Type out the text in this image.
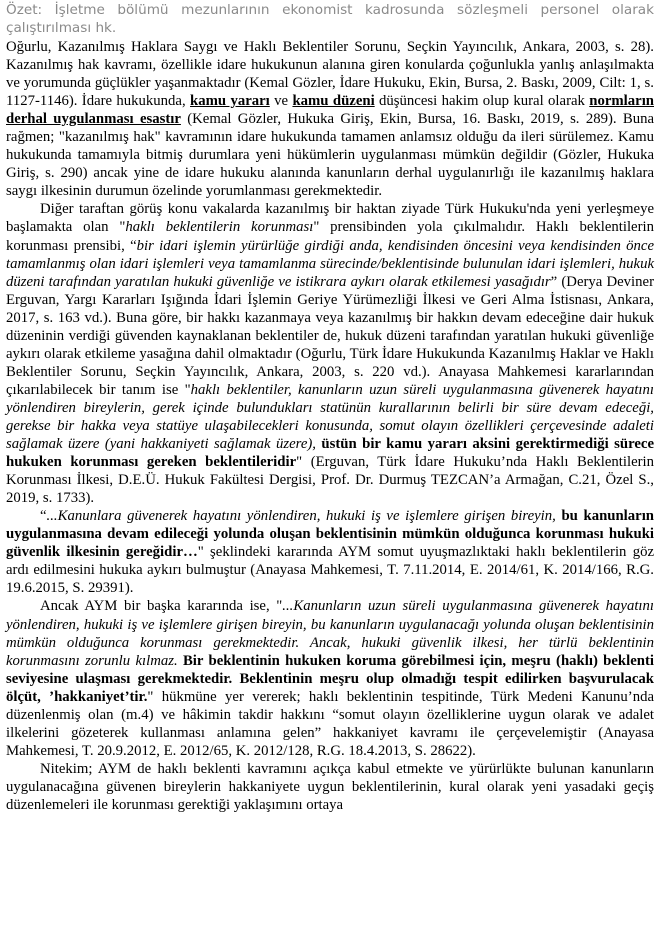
Özet: İşletme bölümü mezunlarının ekonomist kadrosunda sözleşmeli personel olarak çalıştırılması hk.

Oğurlu, Kazanılmış Haklara Saygı ve Haklı Beklentiler Sorunu, Seçkin Yayıncılık, Ankara, 2003, s. 28). Kazanılmış hak kavramı, özellikle idare hukukunun alanına giren konularda çoğunlukla yanlış anlaşılmakta ve yorumunda güçlükler yaşanmaktadır (Kemal Gözler, İdare Hukuku, Ekin, Bursa, 2. Baskı, 2009, Cilt: 1, s. 1127-1146). İdare hukukunda, kamu yararı ve kamu düzeni düşüncesi hakim olup kural olarak normların derhal uygulanması esastır (Kemal Gözler, Hukuka Giriş, Ekin, Bursa, 16. Baskı, 2019, s. 289). Buna rağmen; "kazanılmış hak" kavramının idare hukukunda tamamen anlamsız olduğu da ileri sürülemez. Kamu hukukunda tamamıyla bitmiş durumlara yeni hükümlerin uygulanması mümkün değildir (Gözler, Hukuka Giriş, s. 290) ancak yine de idare hukuku alanında kanunların derhal uygulanırlığı ile kazanılmış haklara saygı ilkesinin durumun özelinde yorumlanması gerekmektedir.

Diğer taraftan görüş konu vakalarda kazanılmış bir haktan ziyade Türk Hukuku'nda yeni yerleşmeye başlamakta olan "haklı beklentilerin korunması" prensibinden yola çıkılmalıdır. Haklı beklentilerin korunması prensibi, “bir idari işlemin yürürlüğe girdiği anda, kendisinden öncesini veya kendisinden önce tamamlanmış olan idari işlemleri veya tamamlanma sürecinde/beklentisinde bulunulan idari işlemleri, hukuk düzeni tarafından yaratılan hukuki güvenliğe ve istikrara aykırı olarak etkilemesi yasağıdır” (Derya Deviner Erguvan, Yargı Kararları Işığında İdari İşlemin Geriye Yürümezliği İlkesi ve Geri Alma İstisnası, Ankara, 2017, s. 163 vd.). Buna göre, bir hakkı kazanmaya veya kazanılmış bir hakkın devam edeceğine dair hukuk düzeninin verdiği güvenden kaynaklanan beklentiler de, hukuk düzeni tarafından yaratılan hukuki güvenliğe aykırı olarak etkileme yasağına dahil olmaktadır (Oğurlu, Türk İdare Hukukunda Kazanılmış Haklar ve Haklı Beklentiler Sorunu, Seçkin Yayıncılık, Ankara, 2003, s. 220 vd.). Anayasa Mahkemesi kararlarından çıkarılabilecek bir tanım ise "haklı beklentiler, kanunların uzun süreli uygulanmasına güvenerek hayatını yönlendiren bireylerin, gerek içinde bulundukları statünün kurallarının belirli bir süre devam edeceği, gerekse bir hakka veya statüye ulaşabilecekleri konusunda, somut olayın özellikleri çerçevesinde adaleti sağlamak üzere (yani hakkaniyeti sağlamak üzere), üstün bir kamu yararı aksini gerektirmediği sürece hukuken korunması gereken beklentileridir" (Erguvan, Türk İdare Hukuku’nda Haklı Beklentilerin Korunması İlkesi, D.E.Ü. Hukuk Fakültesi Dergisi, Prof. Dr. Durmuş TEZCAN’a Armağan, C.21, Özel S., 2019, s. 1733).

“...Kanunlara güvenerek hayatını yönlendiren, hukuki iş ve işlemlere girişen bireyin, bu kanunların uygulanmasına devam edileceği yolunda oluşan beklentisinin mümkün olduğunca korunması hukuki güvenlik ilkesinin gereğidir…" şeklindeki kararında AYM somut uyuşmazlıktaki haklı beklentilerin göz ardı edilmesini hukuka aykırı bulmuştur (Anayasa Mahkemesi, T. 7.11.2014, E. 2014/61, K. 2014/166, R.G. 19.6.2015, S. 29391).

Ancak AYM bir başka kararında ise, "...Kanunların uzun süreli uygulanmasına güvenerek hayatını yönlendiren, hukuki iş ve işlemlere girişen bireyin, bu kanunların uygulanacağı yolunda oluşan beklentisinin mümkün olduğunca korunması gerekmektedir. Ancak, hukuki güvenlik ilkesi, her türlü beklentinin korunmasını zorunlu kılmaz. Bir beklentinin hukuken koruma görebilmesi için, meşru (haklı) beklenti seviyesine ulaşması gerekmektedir. Beklentinin meşru olup olmadığı tespit edilirken başvurulacak ölçüt, ’hakkaniyet’tir." hükmüne yer vererek; haklı beklentinin tespitinde, Türk Medeni Kanunu’nda düzenlenmiş olan (m.4) ve hâkimin takdir hakkını “somut olayın özelliklerine uygun olarak ve adalet ilkelerini gözeterek kullanması anlamına gelen” hakkaniyet kavramı ile çerçevelemiştir (Anayasa Mahkemesi, T. 20.9.2012, E. 2012/65, K. 2012/128, R.G. 18.4.2013, S. 28622).

Nitekim; AYM de haklı beklenti kavramını açıkça kabul etmekte ve yürürlükte bulunan kanunların uygulanacağına güvenen bireylerin hakkaniyete uygun beklentilerinin, kural olarak yeni yasadaki geçiş düzenlemeleri ile korunması gerektiği yaklaşımını ortaya
